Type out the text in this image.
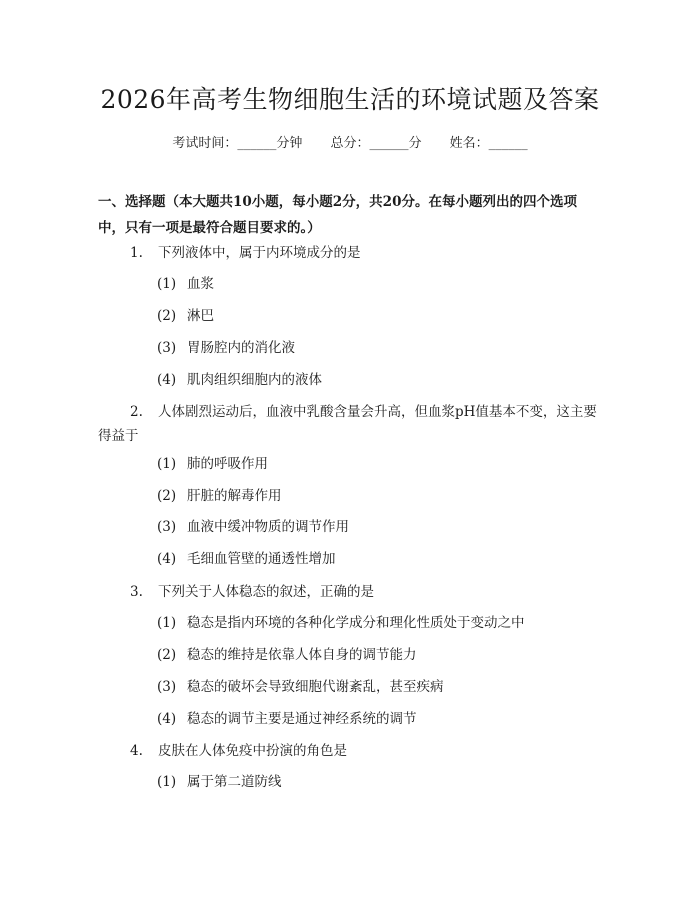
2026年高考生物细胞生活的环境试题及答案
考试时间：______分钟 总分：______分 姓名：______

一、选择题（本大题共10小题，每小题2分，共20分。在每小题列出的四个选项中，只有一项是最符合题目要求的。）

1. 下列液体中，属于内环境成分的是
(1) 血浆
(2) 淋巴
(3) 胃肠腔内的消化液
(4) 肌肉组织细胞内的液体
2. 人体剧烈运动后，血液中乳酸含量会升高，但血浆pH值基本不变，这主要得益于
(1) 肺的呼吸作用
(2) 肝脏的解毒作用
(3) 血液中缓冲物质的调节作用
(4) 毛细血管壁的通透性增加
3. 下列关于人体稳态的叙述，正确的是
(1) 稳态是指内环境的各种化学成分和理化性质处于变动之中
(2) 稳态的维持是依靠人体自身的调节能力
(3) 稳态的破坏会导致细胞代谢紊乱，甚至疾病
(4) 稳态的调节主要是通过神经系统的调节
4. 皮肤在人体免疫中扮演的角色是
(1) 属于第二道防线
